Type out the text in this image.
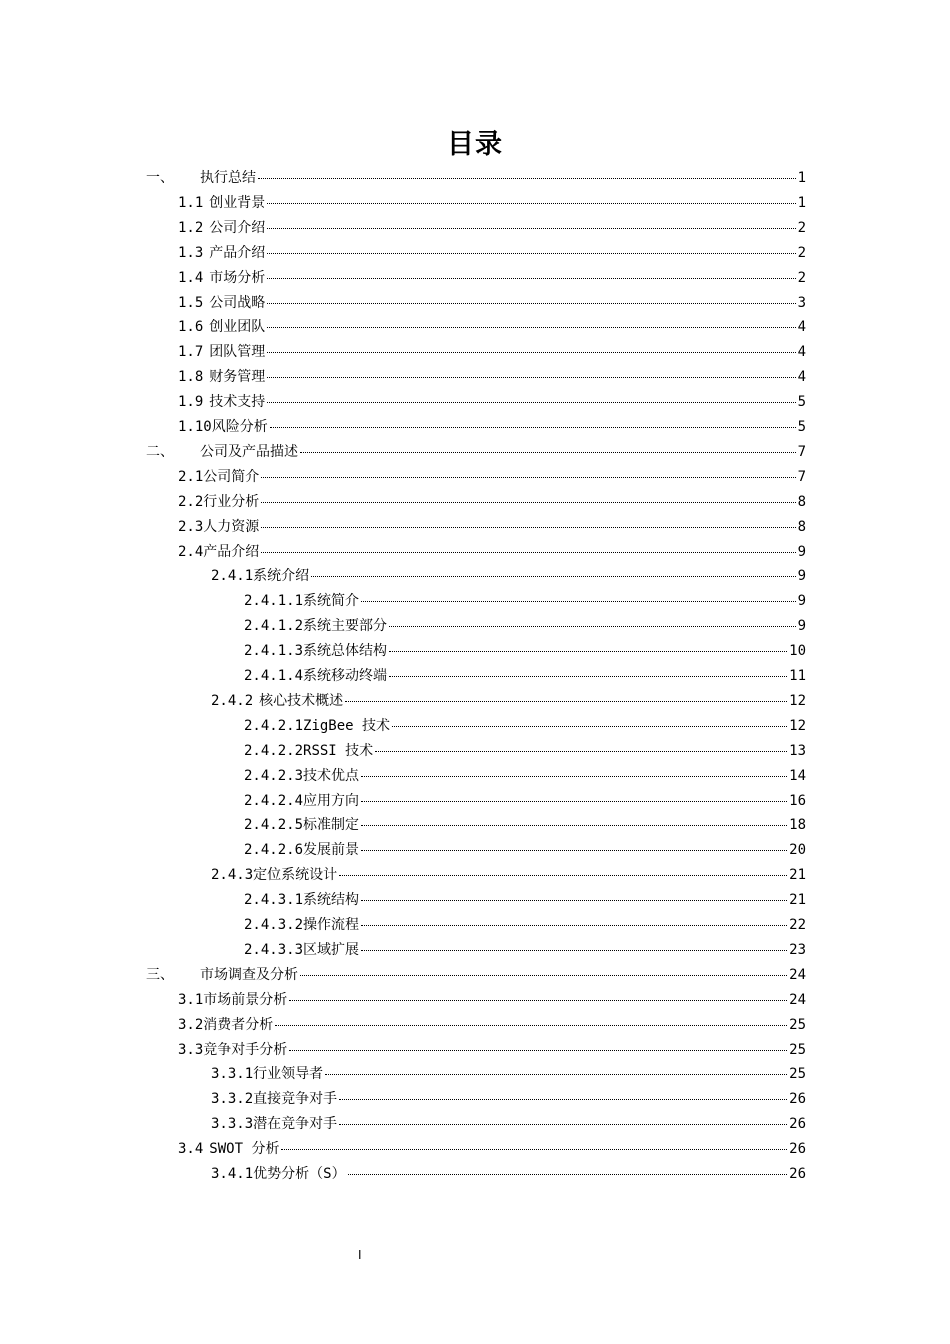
目录
一、 执行总结	1
1.1 创业背景	1
1.2 公司介绍	2
1.3 产品介绍	2
1.4 市场分析	2
1.5 公司战略	3
1.6 创业团队	4
1.7 团队管理	4
1.8 财务管理	4
1.9 技术支持	5
1.10 风险分析	5
二、 公司及产品描述	7
2.1 公司简介	7
2.2 行业分析	8
2.3 人力资源	8
2.4 产品介绍	9
2.4.1 系统介绍	9
2.4.1.1 系统简介	9
2.4.1.2 系统主要部分	9
2.4.1.3 系统总体结构	10
2.4.1.4 系统移动终端	11
2.4.2 核心技术概述	12
2.4.2.1 ZigBee 技术	12
2.4.2.2 RSSI 技术	13
2.4.2.3 技术优点	14
2.4.2.4 应用方向	16
2.4.2.5 标准制定	18
2.4.2.6 发展前景	20
2.4.3 定位系统设计	21
2.4.3.1 系统结构	21
2.4.3.2 操作流程	22
2.4.3.3 区域扩展	23
三、 市场调查及分析	24
3.1 市场前景分析	24
3.2 消费者分析	25
3.3 竞争对手分析	25
3.3.1 行业领导者	25
3.3.2 直接竞争对手	26
3.3.3 潜在竞争对手	26
3.4 SWOT 分析	26
3.4.1 优势分析（S）	26
I
